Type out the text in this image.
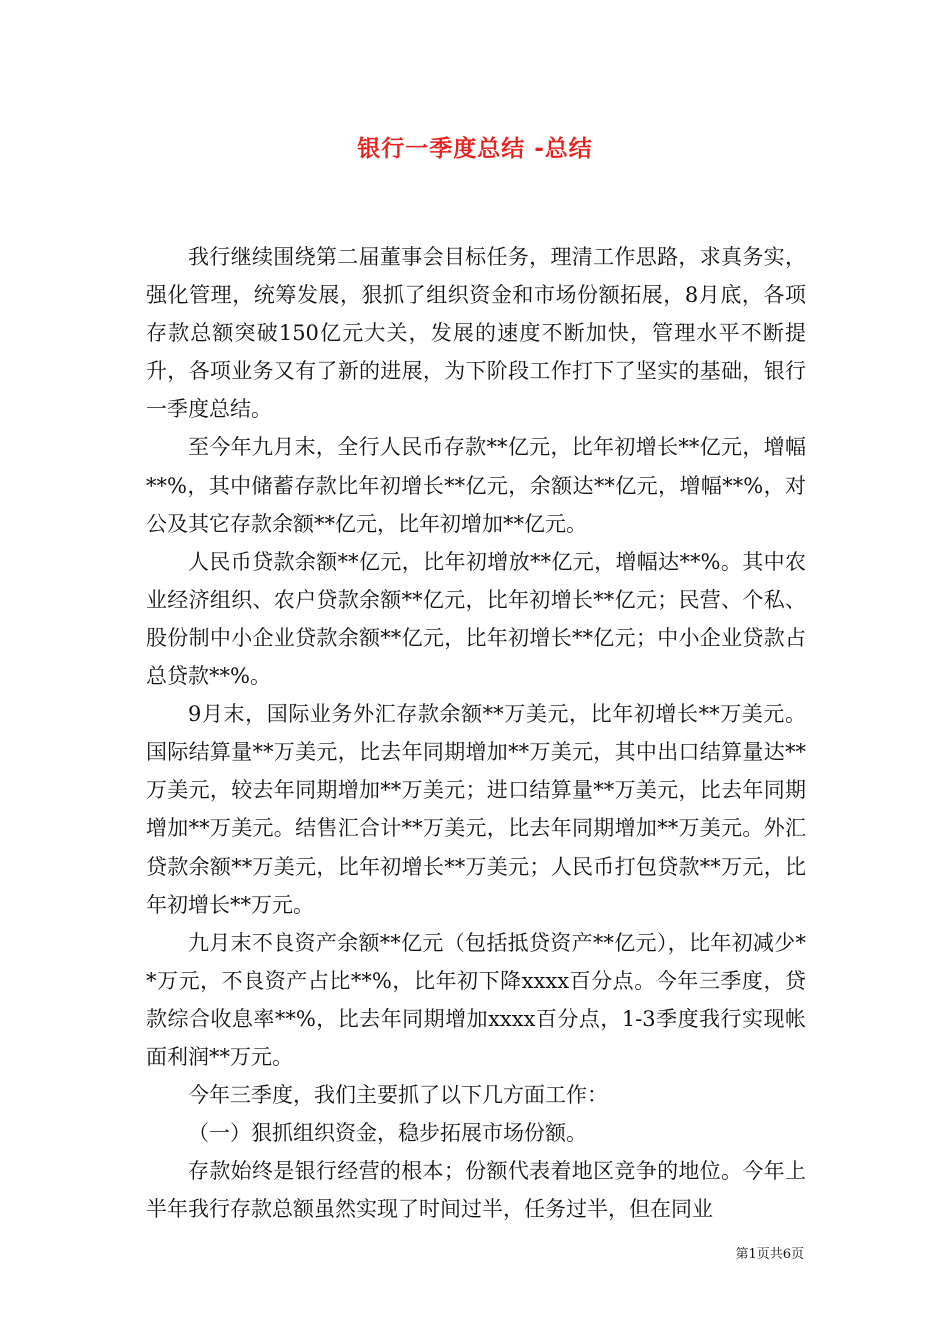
银行一季度总结 -总结

我行继续围绕第二届董事会目标任务，理清工作思路，求真务实，强化管理，统筹发展，狠抓了组织资金和市场份额拓展，8月底，各项存款总额突破150亿元大关，发展的速度不断加快，管理水平不断提升，各项业务又有了新的进展，为下阶段工作打下了坚实的基础，银行一季度总结。

至今年九月末，全行人民币存款**亿元，比年初增长**亿元，增幅**%，其中储蓄存款比年初增长**亿元，余额达**亿元，增幅**%，对公及其它存款余额**亿元，比年初增加**亿元。

人民币贷款余额**亿元，比年初增放**亿元，增幅达**%。其中农业经济组织、农户贷款余额**亿元，比年初增长**亿元；民营、个私、股份制中小企业贷款余额**亿元，比年初增长**亿元；中小企业贷款占总贷款**%。

9月末，国际业务外汇存款余额**万美元，比年初增长**万美元。国际结算量**万美元，比去年同期增加**万美元，其中出口结算量达**万美元，较去年同期增加**万美元；进口结算量**万美元，比去年同期增加**万美元。结售汇合计**万美元，比去年同期增加**万美元。外汇贷款余额**万美元，比年初增长**万美元；人民币打包贷款**万元，比年初增长**万元。

九月末不良资产余额**亿元（包括抵贷资产**亿元），比年初减少**万元，不良资产占比**%，比年初下降xxxx百分点。今年三季度，贷款综合收息率**%，比去年同期增加xxxx百分点，1-3季度我行实现帐面利润**万元。

今年三季度，我们主要抓了以下几方面工作：

（一）狠抓组织资金，稳步拓展市场份额。

存款始终是银行经营的根本；份额代表着地区竞争的地位。今年上半年我行存款总额虽然实现了时间过半，任务过半，但在同业

第1页共6页
